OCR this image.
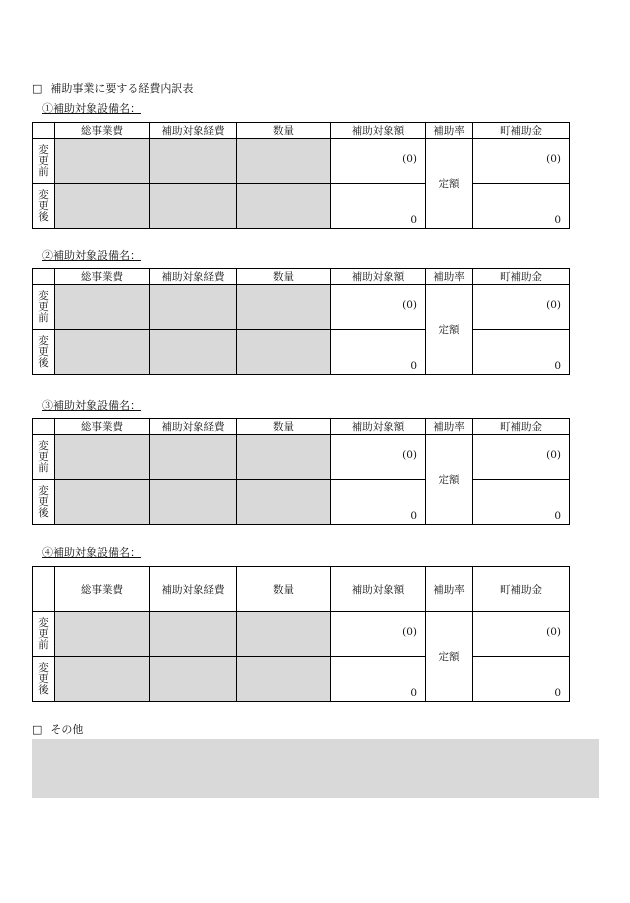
□ 補助事業に要する経費内訳表
①補助対象設備名：
	総事業費	補助対象経費	数量	補助対象額	補助率	町補助金

変
更
前				(0)	定額	(0)

変
更
後				0		0
②補助対象設備名：
	総事業費	補助対象経費	数量	補助対象額	補助率	町補助金

変
更
前				(0)	定額	(0)

変
更
後				0		0
③補助対象設備名：
	総事業費	補助対象経費	数量	補助対象額	補助率	町補助金

変
更
前				(0)	定額	(0)

変
更
後				0		0
④補助対象設備名：
	総事業費	補助対象経費	数量	補助対象額	補助率	町補助金

変
更
前				(0)	定額	(0)

変
更
後				0		0
□ その他
